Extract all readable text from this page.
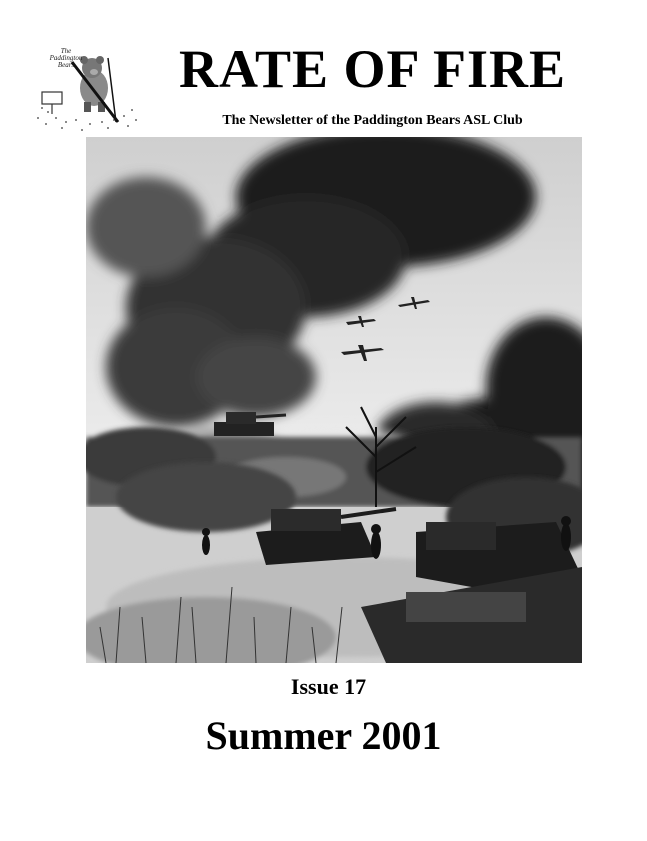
The Paddington Bears	RATE OF FIRE
The Newsletter of the Paddington Bears ASL Club
Issue 17
Summer 2001
